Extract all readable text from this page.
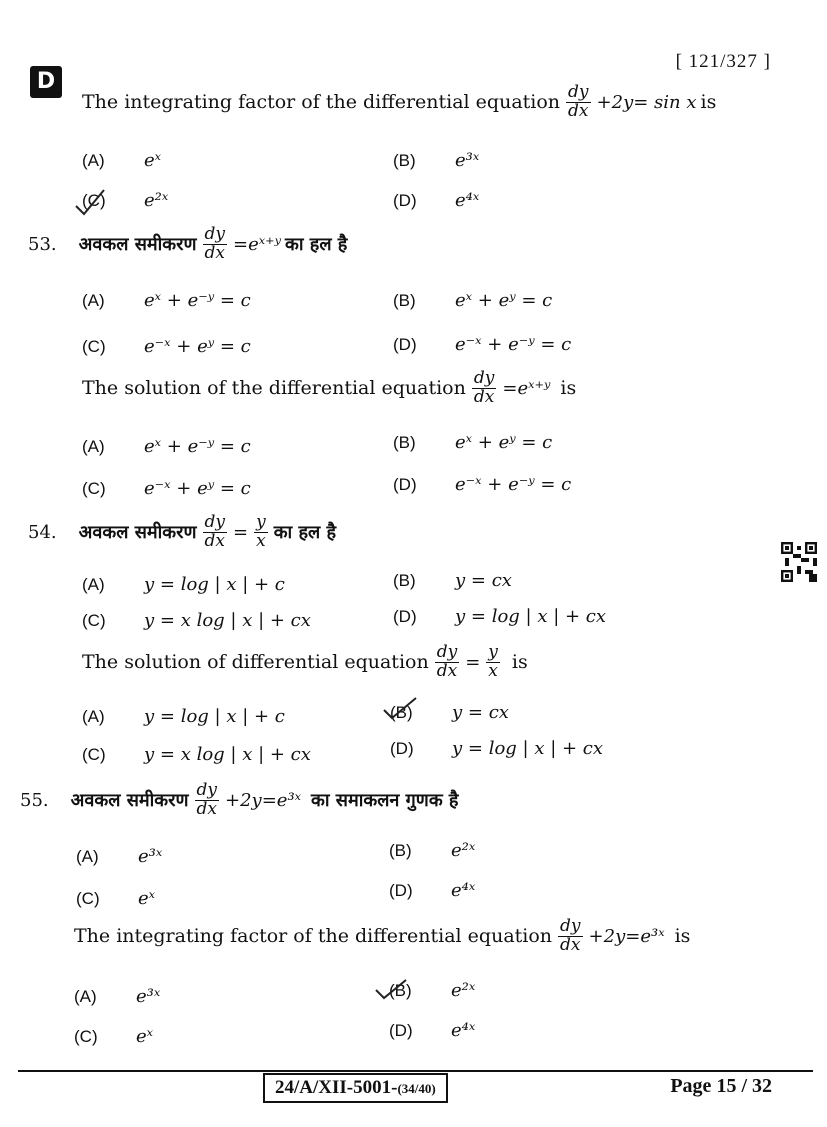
D
[ 121/327 ]
The integrating factor of the differential equation $\frac{dy}{dx} +2y= \sin x$ is
(A)	eˣ	(B)	e³ˣ
(C)	e²ˣ	(D)	e⁴ˣ
53. अवकल समीकरण $\frac{dy}{dx}$ =eˣ⁺ʸ का हल है
(A)	eˣ + e⁻ʸ = c	(B)	eˣ + eʸ = c
(C)	e⁻ˣ + eʸ = c	(D)	e⁻ˣ + e⁻ʸ = c
The solution of the differential equation $\frac{dy}{dx}$ =eˣ⁺ʸ is
(A)	eˣ + e⁻ʸ = c	(B)	eˣ + eʸ = c
(C)	e⁻ˣ + eʸ = c	(D)	e⁻ˣ + e⁻ʸ = c
54. अवकल समीकरण $\frac{dy}{dx} = \frac{y}{x}$ का हल है
(A)	y = log | x | + c	(B)	y = cx
(C)	y = x log | x | + cx	(D)	y = log | x | + cx
The solution of differential equation $\frac{dy}{dx} = \frac{y}{x}$ is
(A)	y = log | x | + c	(B)	y = cx
(C)	y = x log | x | + cx	(D)	y = log | x | + cx
55. अवकल समीकरण $\frac{dy}{dx}$ +2y=e³ˣ का समाकलन गुणक है
(A)	e³ˣ	(B)	e²ˣ
(C)	eˣ	(D)	e⁴ˣ
The integrating factor of the differential equation $\frac{dy}{dx}$ +2y=e³ˣ is
(A)	e³ˣ	(B)	e²ˣ
(C)	eˣ	(D)	e⁴ˣ
24/A/XII-5001-(34/40)	Page 15 / 32
